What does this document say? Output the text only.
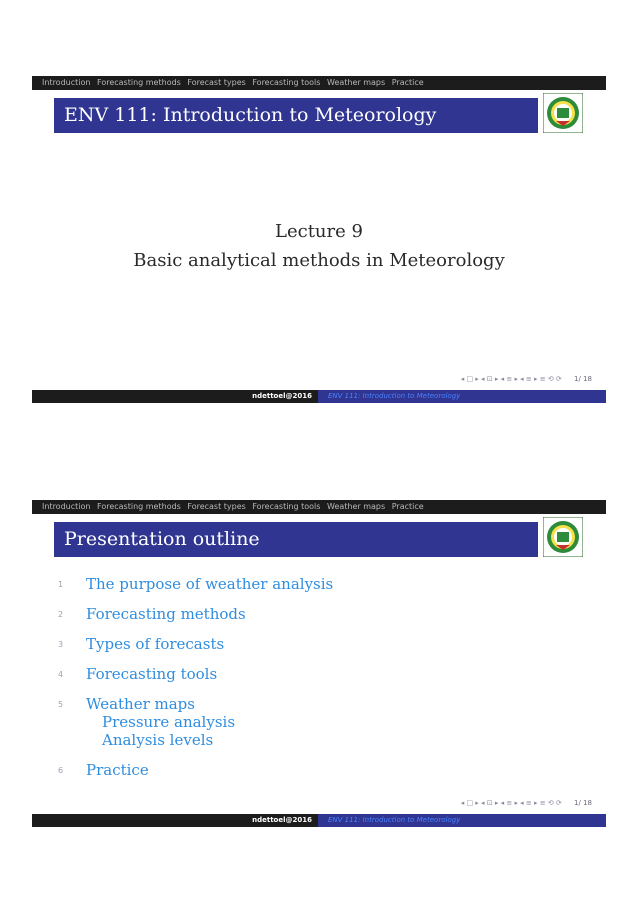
Introduction Forecasting methods Forecast types Forecasting tools Weather maps Practice
ENV 111: Introduction to Meteorology
Lecture 9
Basic analytical methods in Meteorology
◂ □ ▸ ◂ ⊡ ▸ ◂ ≡ ▸ ◂ ≡ ▸ ≡ ⟲ ⟳ 1/ 18
ndettoel@2016	ENV 111: Introduction to Meteorology
Introduction Forecasting methods Forecast types Forecasting tools Weather maps Practice
Presentation outline
1	The purpose of weather analysis
2	Forecasting methods
3	Types of forecasts
4	Forecasting tools
5	Weather maps
Pressure analysis
Analysis levels
6	Practice
◂ □ ▸ ◂ ⊡ ▸ ◂ ≡ ▸ ◂ ≡ ▸ ≡ ⟲ ⟳ 1/ 18
ndettoel@2016	ENV 111: Introduction to Meteorology
